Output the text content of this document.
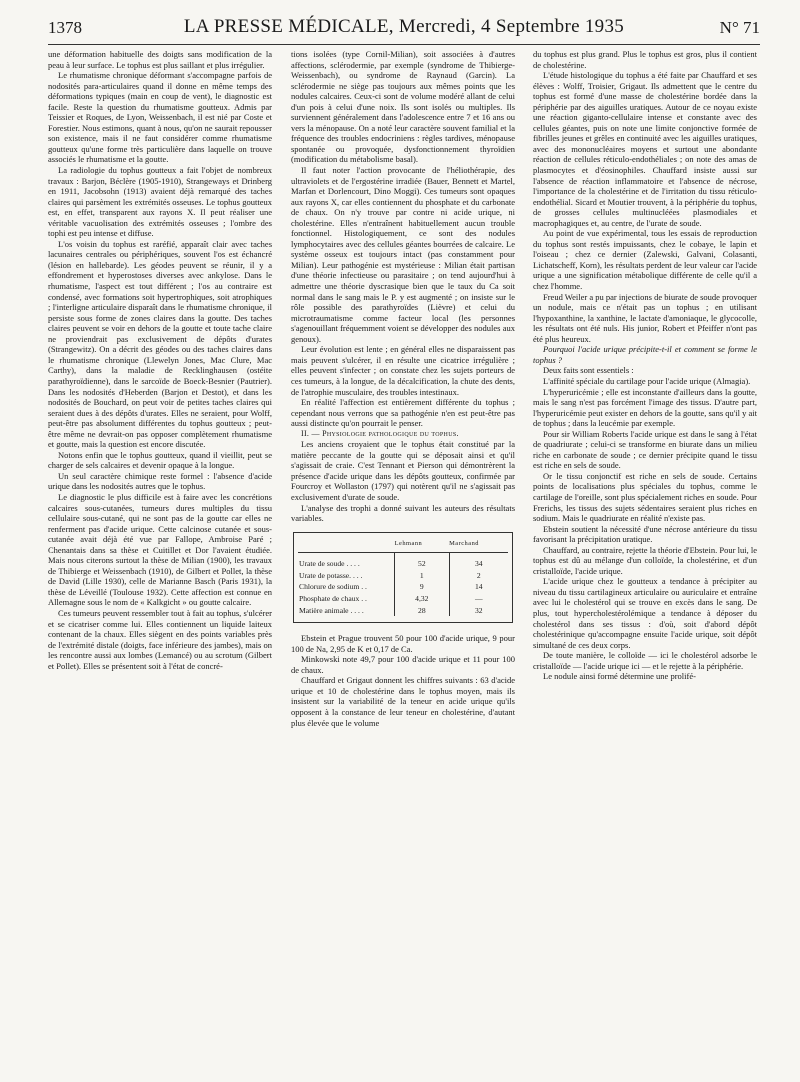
1378	LA PRESSE MÉDICALE, Mercredi, 4 Septembre 1935	N° 71

une déformation habituelle des doigts sans modification de la peau à leur surface. Le tophus est plus saillant et plus irrégulier.

Le rhumatisme chronique déformant s'accompagne parfois de nodosités para-articulaires quand il donne en même temps des déformations typiques (main en coup de vent), le diagnostic est facile. Reste la question du rhumatisme goutteux. Admis par Teissier et Roques, de Lyon, Weissenbach, il est nié par Coste et Forestier. Nous estimons, quant à nous, qu'on ne saurait repousser son existence, mais il ne faut considérer comme rhumatisme goutteux qu'une forme très particulière dans laquelle on trouve associés le rhumatisme et la goutte.

La radiologie du tophus goutteux a fait l'objet de nombreux travaux : Barjon, Béclère (1905-1910), Strangeways et Drinberg en 1911, Jacobsohn (1913) avaient déjà remarqué des taches claires qui parsèment les extrémités osseuses. Le tophus goutteux est, en effet, transparent aux rayons X. Il peut réaliser une véritable vacuolisation des extrémités osseuses ; l'ombre des tophi est peu intense et diffuse.

L'os voisin du tophus est raréfié, apparaît clair avec taches lacunaires centrales ou périphériques, souvent l'os est échancré (lésion en hallebarde). Les géodes peuvent se réunir, il y a effondrement et hyperostoses diverses avec ankylose. Dans le rhumatisme, l'aspect est tout différent ; l'os au contraire est condensé, avec formations soit hypertrophiques, soit atrophiques ; l'interligne articulaire disparaît dans le rhumatisme chronique, il persiste sous forme de zones claires dans la goutte. Des taches claires peuvent se voir en dehors de la goutte et toute tache claire ne proviendrait pas exclusivement de dépôts d'urates (Strangewitz). On a décrit des géodes ou des taches claires dans le rhumatisme chronique (Llewelyn Jones, Mac Clure, Mac Carthy), dans la maladie de Recklinghausen (ostéite parathyroïdienne), dans le sarcoïde de Boeck-Besnier (Pautrier). Dans les nodosités d'Heberden (Barjon et Destot), et dans les nodosités de Bouchard, on peut voir de petites taches claires qui seraient dues à des dépôts d'urates. Elles ne seraient, pour Wolff, peut-être pas absolument différentes du tophus goutteux ; peut-être même ne devrait-on pas opposer complètement rhumatisme et goutte, mais la question est encore discutée.

Notons enfin que le tophus goutteux, quand il vieillit, peut se charger de sels calcaires et devenir opaque à la longue.

Un seul caractère chimique reste formel : l'absence d'acide urique dans les nodosités autres que le tophus.

Le diagnostic le plus difficile est à faire avec les concrétions calcaires sous-cutanées, tumeurs dures multiples du tissu cellulaire sous-cutané, qui ne sont pas de la goutte car elles ne renferment pas d'acide urique. Cette calcinose cutanée et sous-cutanée avait déjà été vue par Fallope, Ambroise Paré ; Chenantais dans sa thèse et Cuitillet et Dor l'avaient étudiée. Mais nous citerons surtout la thèse de Milian (1900), les travaux de Thibierge et Weissenbach (1910), de Gilbert et Pollet, la thèse de David (Lille 1930), celle de Marianne Basch (Paris 1931), la thèse de Léveillé (Toulouse 1932). Cette affection est connue en Allemagne sous le nom de « Kalkgicht » ou goutte calcaire.

Ces tumeurs peuvent ressembler tout à fait au tophus, s'ulcérer et se cicatriser comme lui. Elles contiennent un liquide laiteux contenant de la chaux. Elles siègent en des points variables près de l'extrémité distale (doigts, face inférieure des jambes), mais on les rencontre aussi aux lombes (Lemancé) ou au scrotum (Gilbert et Pollet). Elles se présentent soit à l'état de concré-

tions isolées (type Cornil-Milian), soit associées à d'autres affections, sclérodermie, par exemple (syndrome de Thibierge-Weissenbach), ou syndrome de Raynaud (Garcin). La sclérodermie ne siège pas toujours aux mêmes points que les nodules calcaires. Ceux-ci sont de volume modéré allant de celui d'un pois à celui d'une noix. Ils sont isolés ou multiples. Ils surviennent généralement dans l'adolescence entre 7 et 16 ans ou vers la ménopause. On a noté leur caractère souvent familial et la fréquence des troubles endocriniens : règles tardives, ménopause spontanée ou provoquée, dysfonctionnement thyroïdien (modification du métabolisme basal).

Il faut noter l'action provocante de l'héliothérapie, des ultraviolets et de l'ergostérine irradiée (Bauer, Bennett et Martel, Marfan et Dorlencourt, Dino Moggi). Ces tumeurs sont opaques aux rayons X, car elles contiennent du phosphate et du carbonate de chaux. On n'y trouve par contre ni acide urique, ni cholestérine. Elles n'entraînent habituellement aucun trouble fonctionnel. Histologiquement, ce sont des nodules lymphocytaires avec des cellules géantes bourrées de calcaire. Le système osseux est toujours intact (pas constamment pour Milian). Leur pathogénie est mystérieuse : Milian était partisan d'une théorie infectieuse ou parasitaire ; on tend aujourd'hui à admettre une théorie dyscrasique bien que le taux du Ca soit normal dans le sang mais le P. y est augmenté ; on insiste sur le rôle possible des parathyroïdes (Lièvre) et celui du microtraumatisme comme facteur local (les personnes s'agenouillant fréquemment voient se développer des nodules aux genoux).

Leur évolution est lente ; en général elles ne disparaissent pas mais peuvent s'ulcérer, il en résulte une cicatrice irrégulière ; elles peuvent s'infecter ; on constate chez les sujets porteurs de ces tumeurs, à la longue, de la décalcification, la chute des dents, de l'atrophie musculaire, des troubles intestinaux.

En réalité l'affection est entièrement différente du tophus ; cependant nous verrons que sa pathogénie n'en est peut-être pas aussi distincte qu'on pourrait le penser.

II. — Physiologie pathologique du tophus.

Les anciens croyaient que le tophus était constitué par la matière peccante de la goutte qui se déposait ainsi et qu'il s'agissait de craie. C'est Tennant et Pierson qui démontrèrent la présence d'acide urique dans les dépôts goutteux, confirmée par Fourcroy et Wollaston (1797) qui notèrent qu'il ne s'agissait pas exclusivement d'urate de soude.

L'analyse des trophi a donné suivant les auteurs des résultats variables.

	Lehmann	Marchand
Urate de soude . . . .	52	34
Urate de potasse. . . .	1	2
Chlorure de sodium . .	9	14
Phosphate de chaux . .	4,32	—
Matière animale . . . .	28	32

Ebstein et Prague trouvent 50 pour 100 d'acide urique, 9 pour 100 de Na, 2,95 de K et 0,17 de Ca.

Minkowski note 49,7 pour 100 d'acide urique et 11 pour 100 de chaux.

Chauffard et Grigaut donnent les chiffres suivants : 63 d'acide urique et 10 de cholestérine dans le tophus moyen, mais ils insistent sur la variabilité de la teneur en acide urique qu'ils opposent à la constance de leur teneur en cholestérine, d'autant plus élevée que le volume

du tophus est plus grand. Plus le tophus est gros, plus il contient de cholestérine.

L'étude histologique du tophus a été faite par Chauffard et ses élèves : Wolff, Troisier, Grigaut. Ils admettent que le centre du tophus est formé d'une masse de cholestérine bordée dans la périphérie par des aiguilles uratiques. Autour de ce noyau existe une réaction giganto-cellulaire intense et constante avec des cellules géantes, puis on note une limite conjonctive formée de fibrilles jeunes et grêles en continuité avec les aiguilles uratiques, avec des mononucléaires moyens et surtout une abondante réaction de cellules réticulo-endothéliales ; on note des amas de plasmocytes et d'éosinophiles. Chauffard insiste aussi sur l'absence de réaction inflammatoire et l'absence de nécrose, l'importance de la cholestérine et de l'irritation du tissu réticulo-endothélial. Sicard et Moutier trouvent, à la périphérie du tophus, de grosses cellules multinucléées plasmodiales et macrophagiques et, au centre, de l'urate de soude.

Au point de vue expérimental, tous les essais de reproduction du tophus sont restés impuissants, chez le cobaye, le lapin et l'oiseau ; chez ce dernier (Zalewski, Galvani, Colasanti, Lichatscheff, Korn), les résultats perdent de leur valeur car l'acide urique a une signification métabolique différente de celle qu'il a chez l'homme.

Freud Weiler a pu par injections de biurate de soude provoquer un nodule, mais ce n'était pas un tophus ; en utilisant l'hypoxanthine, la xanthine, le lactate d'amoniaque, le glycocolle, les résultats ont été nuls. His junior, Robert et Pfeiffer n'ont pas été plus heureux.

Pourquoi l'acide urique précipite-t-il et comment se forme le tophus ?

Deux faits sont essentiels :

L'affinité spéciale du cartilage pour l'acide urique (Almagia).

L'hyperuricémie ; elle est inconstante d'ailleurs dans la goutte, mais le sang n'est pas forcément l'image des tissus. D'autre part, l'hyperuricémie peut exister en dehors de la goutte, sans qu'il y ait de tophus ; dans la leucémie par exemple.

Pour sir William Roberts l'acide urique est dans le sang à l'état de quadriurate ; celui-ci se transforme en biurate dans un milieu riche en carbonate de soude ; ce dernier précipite quand le tissu est riche en sels de soude.

Or le tissu conjonctif est riche en sels de soude. Certains points de localisations plus spéciales du tophus, comme le cartilage de l'oreille, sont plus spécialement riches en soude. Pour Frerichs, les tissus des sujets sédentaires seraient plus riches en sodium. Mais le quadriurate en réalité n'existe pas.

Ebstein soutient la nécessité d'une nécrose antérieure du tissu favorisant la précipitation uratique.

Chauffard, au contraire, rejette la théorie d'Ebstein. Pour lui, le tophus est dû au mélange d'un colloïde, la cholestérine, et d'un cristalloïde, l'acide urique.

L'acide urique chez le goutteux a tendance à précipiter au niveau du tissu cartilagineux articulaire ou auriculaire et entraîne avec lui le cholestérol qui se trouve en excès dans le sang. De plus, tout hypercholestérolémique a tendance à déposer du cholestérol dans ses tissus : d'où, soit d'abord dépôt cholestérinique qu'accompagne ensuite l'acide urique, soit dépôt simultané de ces deux corps.

De toute manière, le colloïde — ici le cholestérol adsorbe le cristalloïde — l'acide urique ici — et le rejette à la périphérie.

Le nodule ainsi formé détermine une prolifé-
